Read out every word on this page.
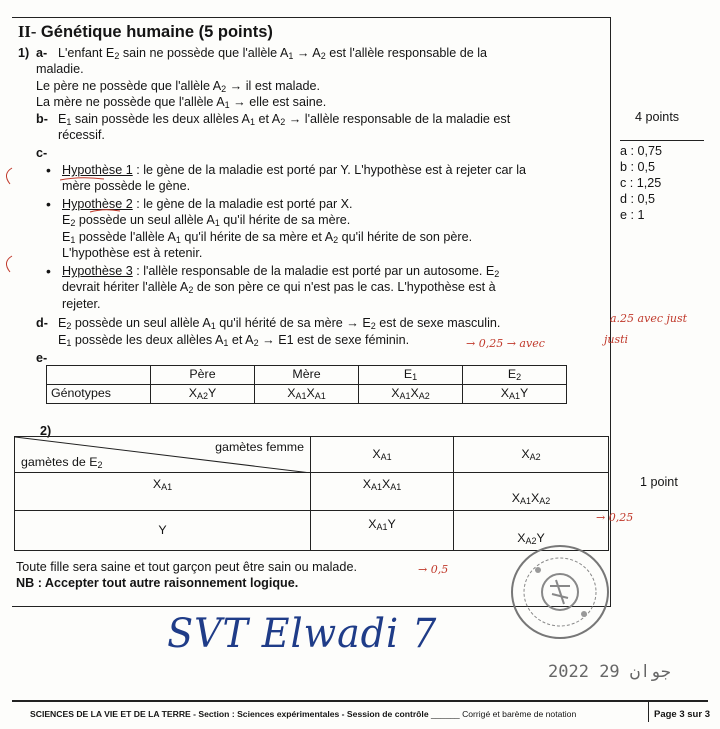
II- Génétique humaine (5 points)
1) a- L'enfant $E_2$ sain ne possède que l'allèle $A_1 \to A_2$ est l'allèle responsable de la
maladie.
Le père ne possède que l'allèle $A_2$ → il est malade.
La mère ne possède que l'allèle $A_1$ → elle est saine.
b- $E_1$ sain possède les deux allèles $A_1$ et $A_2$ → l'allèle responsable de la maladie est
récessif.
c-
• Hypothèse 1 : le gène de la maladie est porté par Y. L'hypothèse est à rejeter car la
mère possède le gène.
• Hypothèse 2 : le gène de la maladie est porté par X.
$E_2$ possède un seul allèle $A_1$ qu'il hérite de sa mère.
$E_1$ possède l'allèle $A_1$ qu'il hérite de sa mère et $A_2$ qu'il hérite de son père.
L'hypothèse est à retenir.
• Hypothèse 3 : l'allèle responsable de la maladie est porté par un autosome. $E_2$
devrait hériter l'allèle $A_2$ de son père ce qui n'est pas le cas. L'hypothèse est à
rejeter.
d- $E_2$ possède un seul allèle $A_1$ qu'il hérité de sa mère → $E_2$ est de sexe masculin.
$E_1$ possède les deux allèles $A_1$ et $A_2 \to E1$ est de sexe féminin.
e-
	Père	Mère	$E_1$	$E_2$
Génotypes	$X_{A2}Y$	$X_{A1}X_{A1}$	$X_{A1}X_{A2}$	$X_{A1}Y$
2)
gamètes femme
gamètes de $E_2$	$X_{A1}$	$X_{A2}$
$X_{A1}$	$X_{A1}X_{A1}$	$X_{A1}X_{A2}$
Y	$X_{A1}Y$	$X_{A2}Y$
Toute fille sera saine et tout garçon peut être sain ou malade.
NB : Accepter tout autre raisonnement logique.
4 points
a : 0,75
b : 0,5
c : 1,25
d : 0,5
e : 1
1 point
a.25 avec just
→ 0,25 → avec	justi
→ 0,25
→ 0,5
SVT Elwadi 7
2022 جوان 29
SCIENCES DE LA VIE ET DE LA TERRE - Section : Sciences expérimentales - Session de contrôle ______ Corrigé et barème de notation	Page 3 sur 3
